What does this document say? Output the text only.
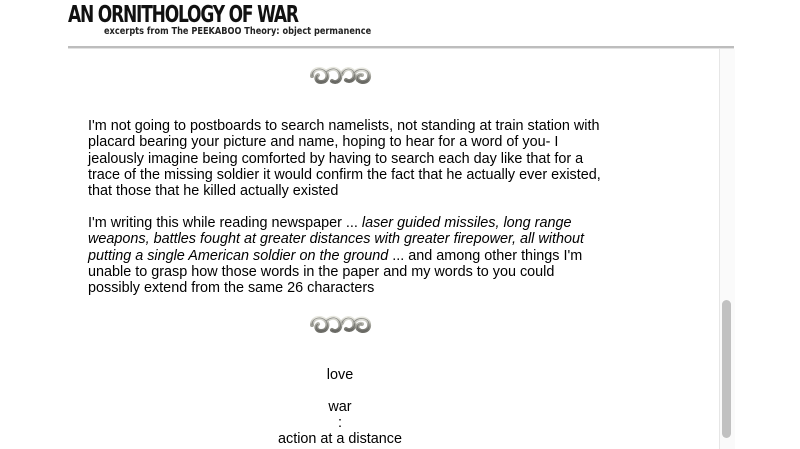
AN ORNITHOLOGY OF WAR
excerpts from The PEEKABOO Theory: object permanence

I'm not going to postboards to search namelists, not standing at train station with placard bearing your picture and name, hoping to hear for a word of you- I jealously imagine being comforted by having to search each day like that for a trace of the missing soldier it would confirm the fact that he actually ever existed, that those that he killed actually existed

I'm writing this while reading newspaper ... laser guided missiles, long range weapons, battles fought at greater distances with greater firepower, all without putting a single American soldier on the ground ... and among other things I'm unable to grasp how those words in the paper and my words to you could possibly extend from the same 26 characters

love
war
:
action at a distance
